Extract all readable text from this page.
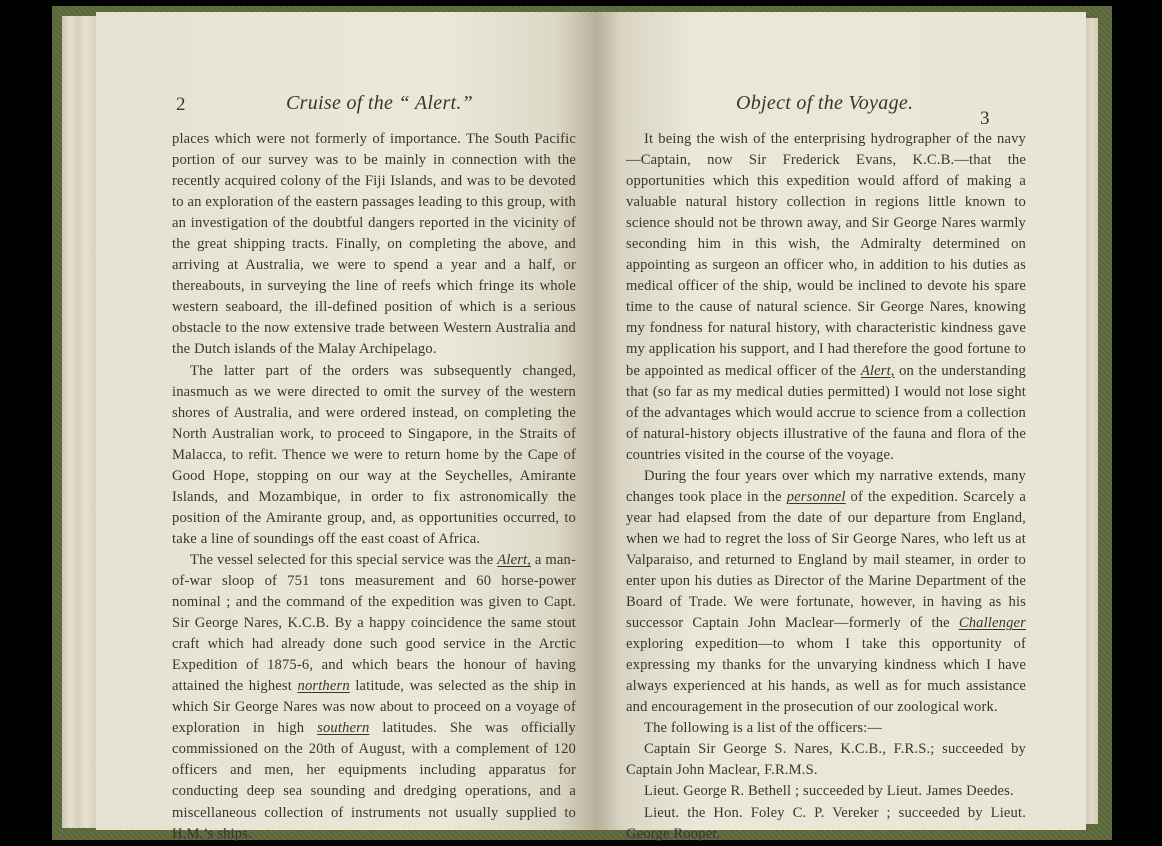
2	Cruise of the “ Alert.”

places which were not formerly of importance. The South Pacific portion of our survey was to be mainly in connection with the recently acquired colony of the Fiji Islands, and was to be devoted to an exploration of the eastern passages leading to this group, with an investigation of the doubtful dangers reported in the vicinity of the great shipping tracts. Finally, on completing the above, and arriving at Australia, we were to spend a year and a half, or thereabouts, in surveying the line of reefs which fringe its whole western seaboard, the ill-defined position of which is a serious obstacle to the now extensive trade between Western Australia and the Dutch islands of the Malay Archipelago.

The latter part of the orders was subsequently changed, inasmuch as we were directed to omit the survey of the western shores of Australia, and were ordered instead, on completing the North Australian work, to proceed to Singapore, in the Straits of Malacca, to refit. Thence we were to return home by the Cape of Good Hope, stopping on our way at the Seychelles, Amirante Islands, and Mozambique, in order to fix astronomically the position of the Amirante group, and, as opportunities occurred, to take a line of soundings off the east coast of Africa.

The vessel selected for this special service was the Alert, a man-of-war sloop of 751 tons measurement and 60 horse-power nominal ; and the command of the expedition was given to Capt. Sir George Nares, K.C.B. By a happy coincidence the same stout craft which had already done such good service in the Arctic Expedition of 1875-6, and which bears the honour of having attained the highest northern latitude, was selected as the ship in which Sir George Nares was now about to proceed on a voyage of exploration in high southern latitudes. She was officially commissioned on the 20th of August, with a complement of 120 officers and men, her equipments including apparatus for conducting deep sea sounding and dredging operations, and a miscellaneous collection of instruments not usually supplied to H.M.’s ships.

Object of the Voyage.
3

It being the wish of the enterprising hydrographer of the navy —Captain, now Sir Frederick Evans, K.C.B.—that the opportunities which this expedition would afford of making a valuable natural history collection in regions little known to science should not be thrown away, and Sir George Nares warmly seconding him in this wish, the Admiralty determined on appointing as surgeon an officer who, in addition to his duties as medical officer of the ship, would be inclined to devote his spare time to the cause of natural science. Sir George Nares, knowing my fondness for natural history, with characteristic kindness gave my application his support, and I had therefore the good fortune to be appointed as medical officer of the Alert, on the understanding that (so far as my medical duties permitted) I would not lose sight of the advantages which would accrue to science from a collection of natural-history objects illustrative of the fauna and flora of the countries visited in the course of the voyage.

During the four years over which my narrative extends, many changes took place in the personnel of the expedition. Scarcely a year had elapsed from the date of our departure from England, when we had to regret the loss of Sir George Nares, who left us at Valparaiso, and returned to England by mail steamer, in order to enter upon his duties as Director of the Marine Department of the Board of Trade. We were fortunate, however, in having as his successor Captain John Maclear—formerly of the Challenger exploring expedition—to whom I take this opportunity of expressing my thanks for the unvarying kindness which I have always experienced at his hands, as well as for much assistance and encouragement in the prosecution of our zoological work.

The following is a list of the officers:—

Captain Sir George S. Nares, K.C.B., F.R.S.; succeeded by Captain John Maclear, F.R.M.S.

Lieut. George R. Bethell ; succeeded by Lieut. James Deedes.

Lieut. the Hon. Foley C. P. Vereker ; succeeded by Lieut. George Rooper.
